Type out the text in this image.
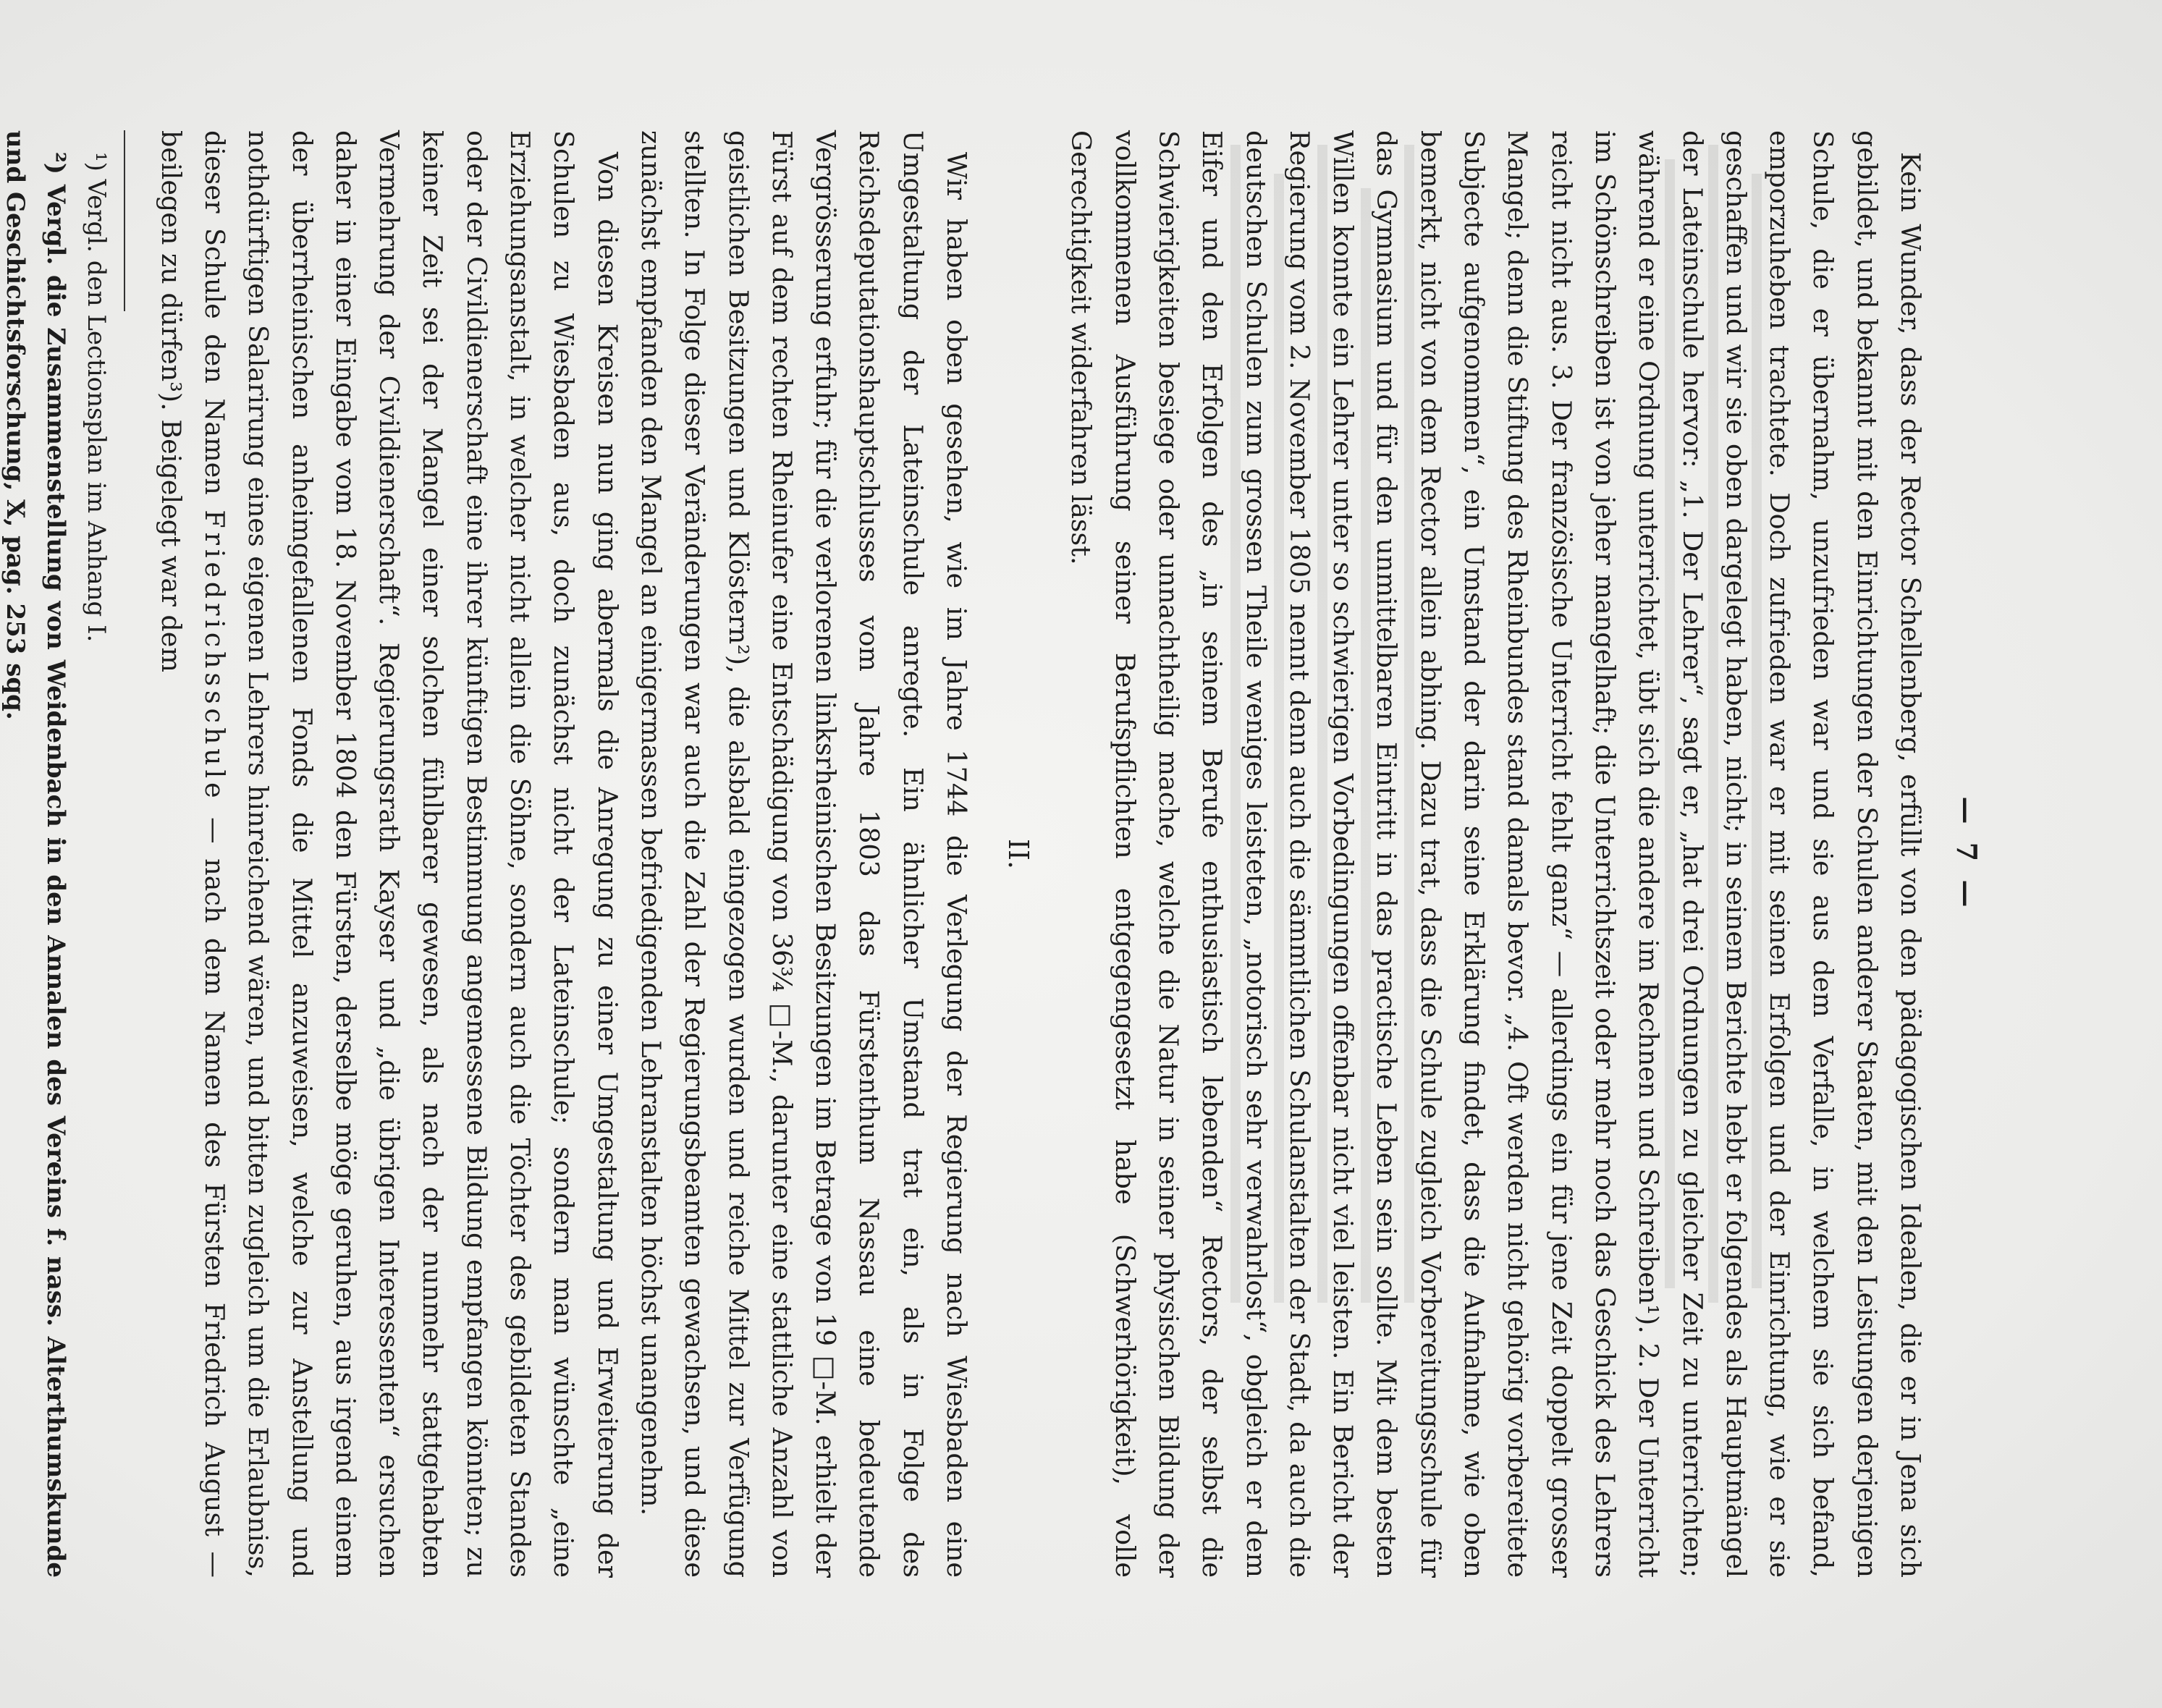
— 7 —

Kein Wunder, dass der Rector Schellenberg, erfüllt von den pädagogischen Idealen, die er in Jena sich gebildet, und bekannt mit den Einrichtungen der Schulen anderer Staaten, mit den Leistungen derjenigen Schule, die er übernahm, unzufrieden war und sie aus dem Verfalle, in welchem sie sich befand, emporzuheben trachtete. Doch zufrieden war er mit seinen Erfolgen und der Einrichtung, wie er sie geschaffen und wir sie oben dargelegt haben, nicht; in seinem Berichte hebt er folgendes als Hauptmängel der Lateinschule hervor: „1. Der Lehrer“, sagt er, „hat drei Ordnungen zu gleicher Zeit zu unterrichten; während er eine Ordnung unterrichtet, übt sich die andere im Rechnen und Schreiben¹). 2. Der Unterricht im Schönschreiben ist von jeher mangelhaft; die Unterrichtszeit oder mehr noch das Geschick des Lehrers reicht nicht aus. 3. Der französische Unterricht fehlt ganz“ — allerdings ein für jene Zeit doppelt grosser Mangel; denn die Stiftung des Rheinbundes stand damals bevor. „4. Oft werden nicht gehörig vorbereitete Subjecte aufgenommen“, ein Umstand der darin seine Erklärung findet, dass die Aufnahme, wie oben bemerkt, nicht von dem Rector allein abhing. Dazu trat, dass die Schule zugleich Vorbereitungsschule für das Gymnasium und für den unmittelbaren Eintritt in das practische Leben sein sollte. Mit dem besten Willen konnte ein Lehrer unter so schwierigen Vorbedingungen offenbar nicht viel leisten. Ein Bericht der Regierung vom 2. November 1805 nennt denn auch die sämmtlichen Schulanstalten der Stadt, da auch die deutschen Schulen zum grossen Theile weniges leisteten, „notorisch sehr verwahrlost“, obgleich er dem Eifer und den Erfolgen des „in seinem Berufe enthusiastisch lebenden“ Rectors, der selbst die Schwierigkeiten besiege oder unnachtheilig mache, welche die Natur in seiner physischen Bildung der vollkommenen Ausführung seiner Berufspflichten entgegengesetzt habe (Schwerhörigkeit), volle Gerechtigkeit widerfahren lässt.

II.

Wir haben oben gesehen, wie im Jahre 1744 die Verlegung der Regierung nach Wiesbaden eine Umgestaltung der Lateinschule anregte. Ein ähnlicher Umstand trat ein, als in Folge des Reichsdeputationshauptschlusses vom Jahre 1803 das Fürstenthum Nassau eine bedeutende Vergrösserung erfuhr; für die verlorenen linksrheinischen Besitzungen im Betrage von 19 □-M. erhielt der Fürst auf dem rechten Rheinufer eine Entschädigung von 36¾ □-M., darunter eine stattliche Anzahl von geistlichen Besitzungen und Klöstern²), die alsbald eingezogen wurden und reiche Mittel zur Verfügung stellten. In Folge dieser Veränderungen war auch die Zahl der Regierungsbeamten gewachsen, und diese zunächst empfanden den Mangel an einigermassen befriedigenden Lehranstalten höchst unangenehm.

Von diesen Kreisen nun ging abermals die Anregung zu einer Umgestaltung und Erweiterung der Schulen zu Wiesbaden aus, doch zunächst nicht der Lateinschule; sondern man wünschte „eine Erziehungsanstalt, in welcher nicht allein die Söhne, sondern auch die Töchter des gebildeten Standes oder der Civildienerschaft eine ihrer künftigen Bestimmung angemessene Bildung empfangen könnten; zu keiner Zeit sei der Mangel einer solchen fühlbarer gewesen, als nach der nunmehr stattgehabten Vermehrung der Civildienerschaft“. Regierungsrath Kayser und „die übrigen Interessenten“ ersuchen daher in einer Eingabe vom 18. November 1804 den Fürsten, derselbe möge geruhen, aus irgend einem der überrheinischen anheimgefallenen Fonds die Mittel anzuweisen, welche zur Anstellung und nothdürftigen Salarirung eines eigenen Lehrers hinreichend wären, und bitten zugleich um die Erlaubniss, dieser Schule den Namen Friedrichsschule — nach dem Namen des Fürsten Friedrich August — beilegen zu dürfen³). Beigelegt war dem

¹) Vergl. den Lectionsplan im Anhang I.

²) Vergl. die Zusammenstellung von Weidenbach in den Annalen des Vereins f. nass. Alterthumskunde und Geschichtsforschung, X, pag. 253 sqq.
